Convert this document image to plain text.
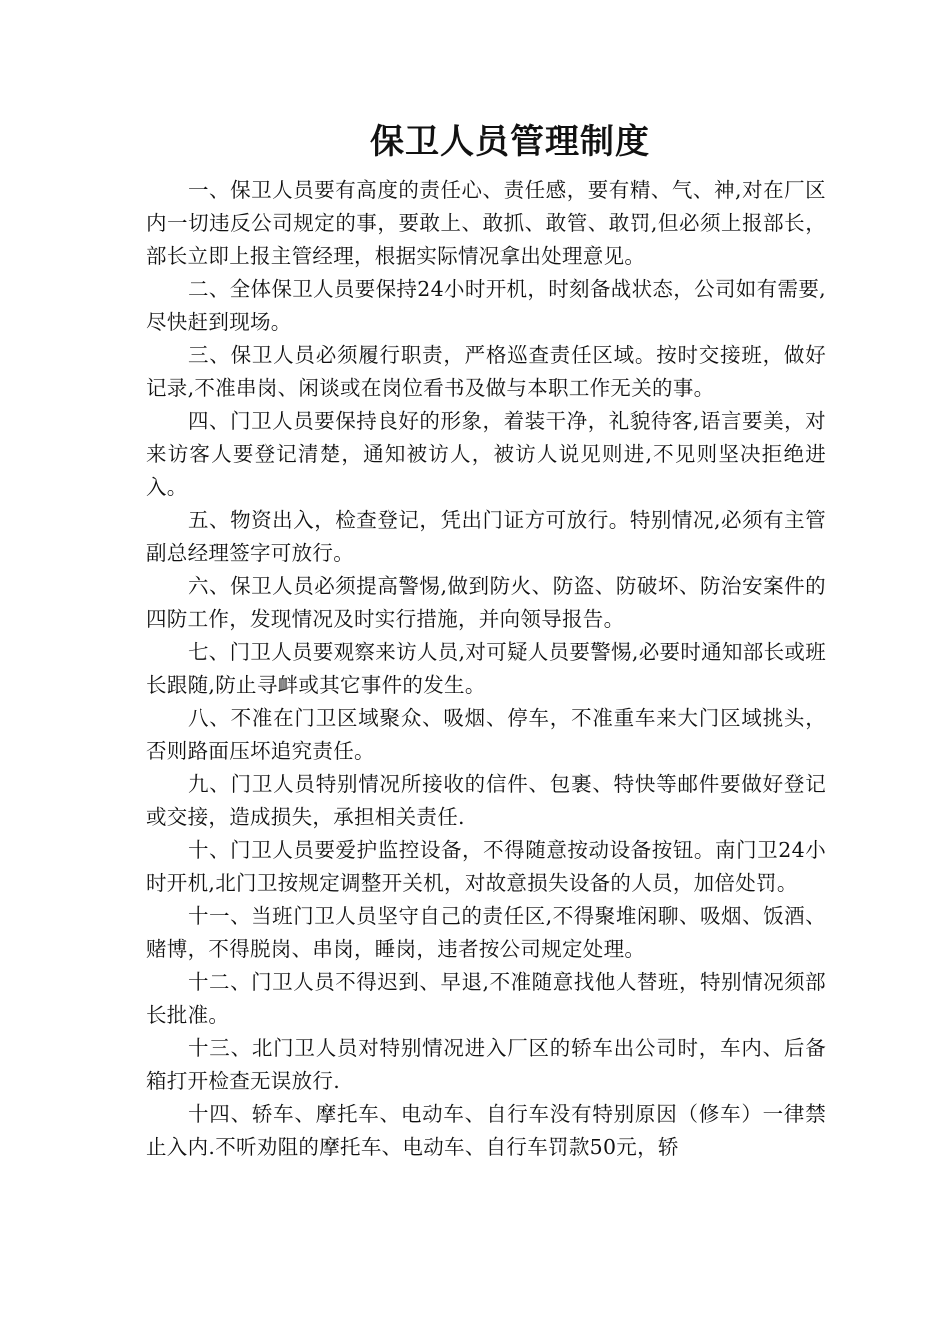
保卫人员管理制度

一、保卫人员要有高度的责任心、责任感，要有精、气、神,对在厂区内一切违反公司规定的事，要敢上、敢抓、敢管、敢罚,但必须上报部长，部长立即上报主管经理，根据实际情况拿出处理意见。

二、全体保卫人员要保持24小时开机，时刻备战状态，公司如有需要,尽快赶到现场。

三、保卫人员必须履行职责，严格巡查责任区域。按时交接班，做好记录,不准串岗、闲谈或在岗位看书及做与本职工作无关的事。

四、门卫人员要保持良好的形象，着装干净，礼貌待客,语言要美，对来访客人要登记清楚，通知被访人，被访人说见则进,不见则坚决拒绝进入。

五、物资出入，检查登记，凭出门证方可放行。特别情况,必须有主管副总经理签字可放行。

六、保卫人员必须提高警惕,做到防火、防盗、防破坏、防治安案件的四防工作，发现情况及时实行措施，并向领导报告。

七、门卫人员要观察来访人员,对可疑人员要警惕,必要时通知部长或班长跟随,防止寻衅或其它事件的发生。

八、不准在门卫区域聚众、吸烟、停车，不准重车来大门区域挑头，否则路面压坏追究责任。

九、门卫人员特别情况所接收的信件、包裹、特快等邮件要做好登记或交接，造成损失，承担相关责任.

十、门卫人员要爱护监控设备，不得随意按动设备按钮。南门卫24小时开机,北门卫按规定调整开关机，对故意损失设备的人员，加倍处罚。

十一、当班门卫人员坚守自己的责任区,不得聚堆闲聊、吸烟、饭酒、赌博，不得脱岗、串岗，睡岗，违者按公司规定处理。

十二、门卫人员不得迟到、早退,不准随意找他人替班，特别情况须部长批准。

十三、北门卫人员对特别情况进入厂区的轿车出公司时，车内、后备箱打开检查无误放行.

十四、轿车、摩托车、电动车、自行车没有特别原因（修车）一律禁止入内.不听劝阻的摩托车、电动车、自行车罚款50元，轿
